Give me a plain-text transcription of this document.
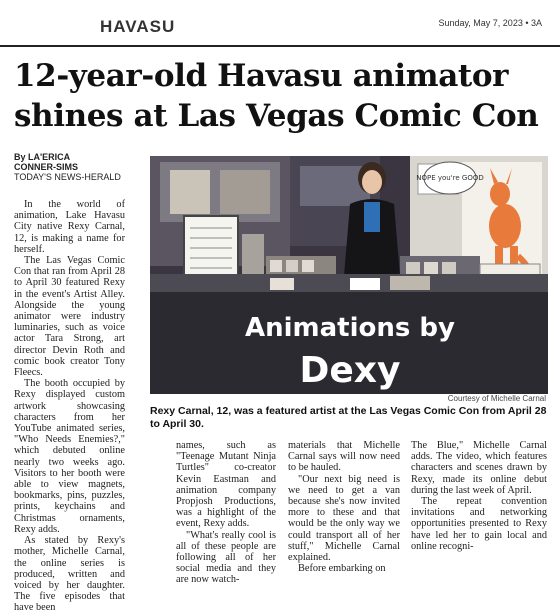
HAVASU	Sunday, May 7, 2023 • 3A
12-year-old Havasu animator
shines at Las Vegas Comic Con
By LA'ERICA
CONNER-SIMS
TODAY'S NEWS-HERALD

In the world of animation, Lake Havasu City native Rexy Carnal, 12, is making a name for herself.

The Las Vegas Comic Con that ran from April 28 to April 30 featured Rexy in the event's Artist Alley. Alongside the young animator were industry luminaries, such as voice actor Tara Strong, art director Devin Roth and comic book creator Tony Fleecs.

The booth occupied by Rexy displayed custom artwork showcasing characters from her YouTube animated series, "Who Needs Enemies?," which debuted online nearly two weeks ago. Visitors to her booth were able to view magnets, bookmarks, pins, puzzles, prints, keychains and Christmas ornaments, Rexy adds.

As stated by Rexy's mother, Michelle Carnal, the online series is produced, written and voiced by her daughter. The five episodes that have been

NOPE you're GOOD
Animations by
Dexy
Courtesy of Michelle Carnal
Rexy Carnal, 12, was a featured artist at the Las Vegas Comic Con from April 28 to April 30.

names, such as "Teenage Mutant Ninja Turtles" co-creator Kevin Eastman and animation company Propjosh Productions, was a highlight of the event, Rexy adds.

"What's really cool is all of these people are following all of her social media and they are now watch-

materials that Michelle Carnal says will now need to be hauled.

"Our next big need is we need to get a van because she's now invited more to these and that would be the only way we could transport all of her stuff," Michelle Carnal explained.

Before embarking on

The Blue," Michelle Carnal adds. The video, which features characters and scenes drawn by Rexy, made its online debut during the last week of April.

The repeat convention invitations and networking opportunities presented to Rexy have led her to gain local and online recogni-
